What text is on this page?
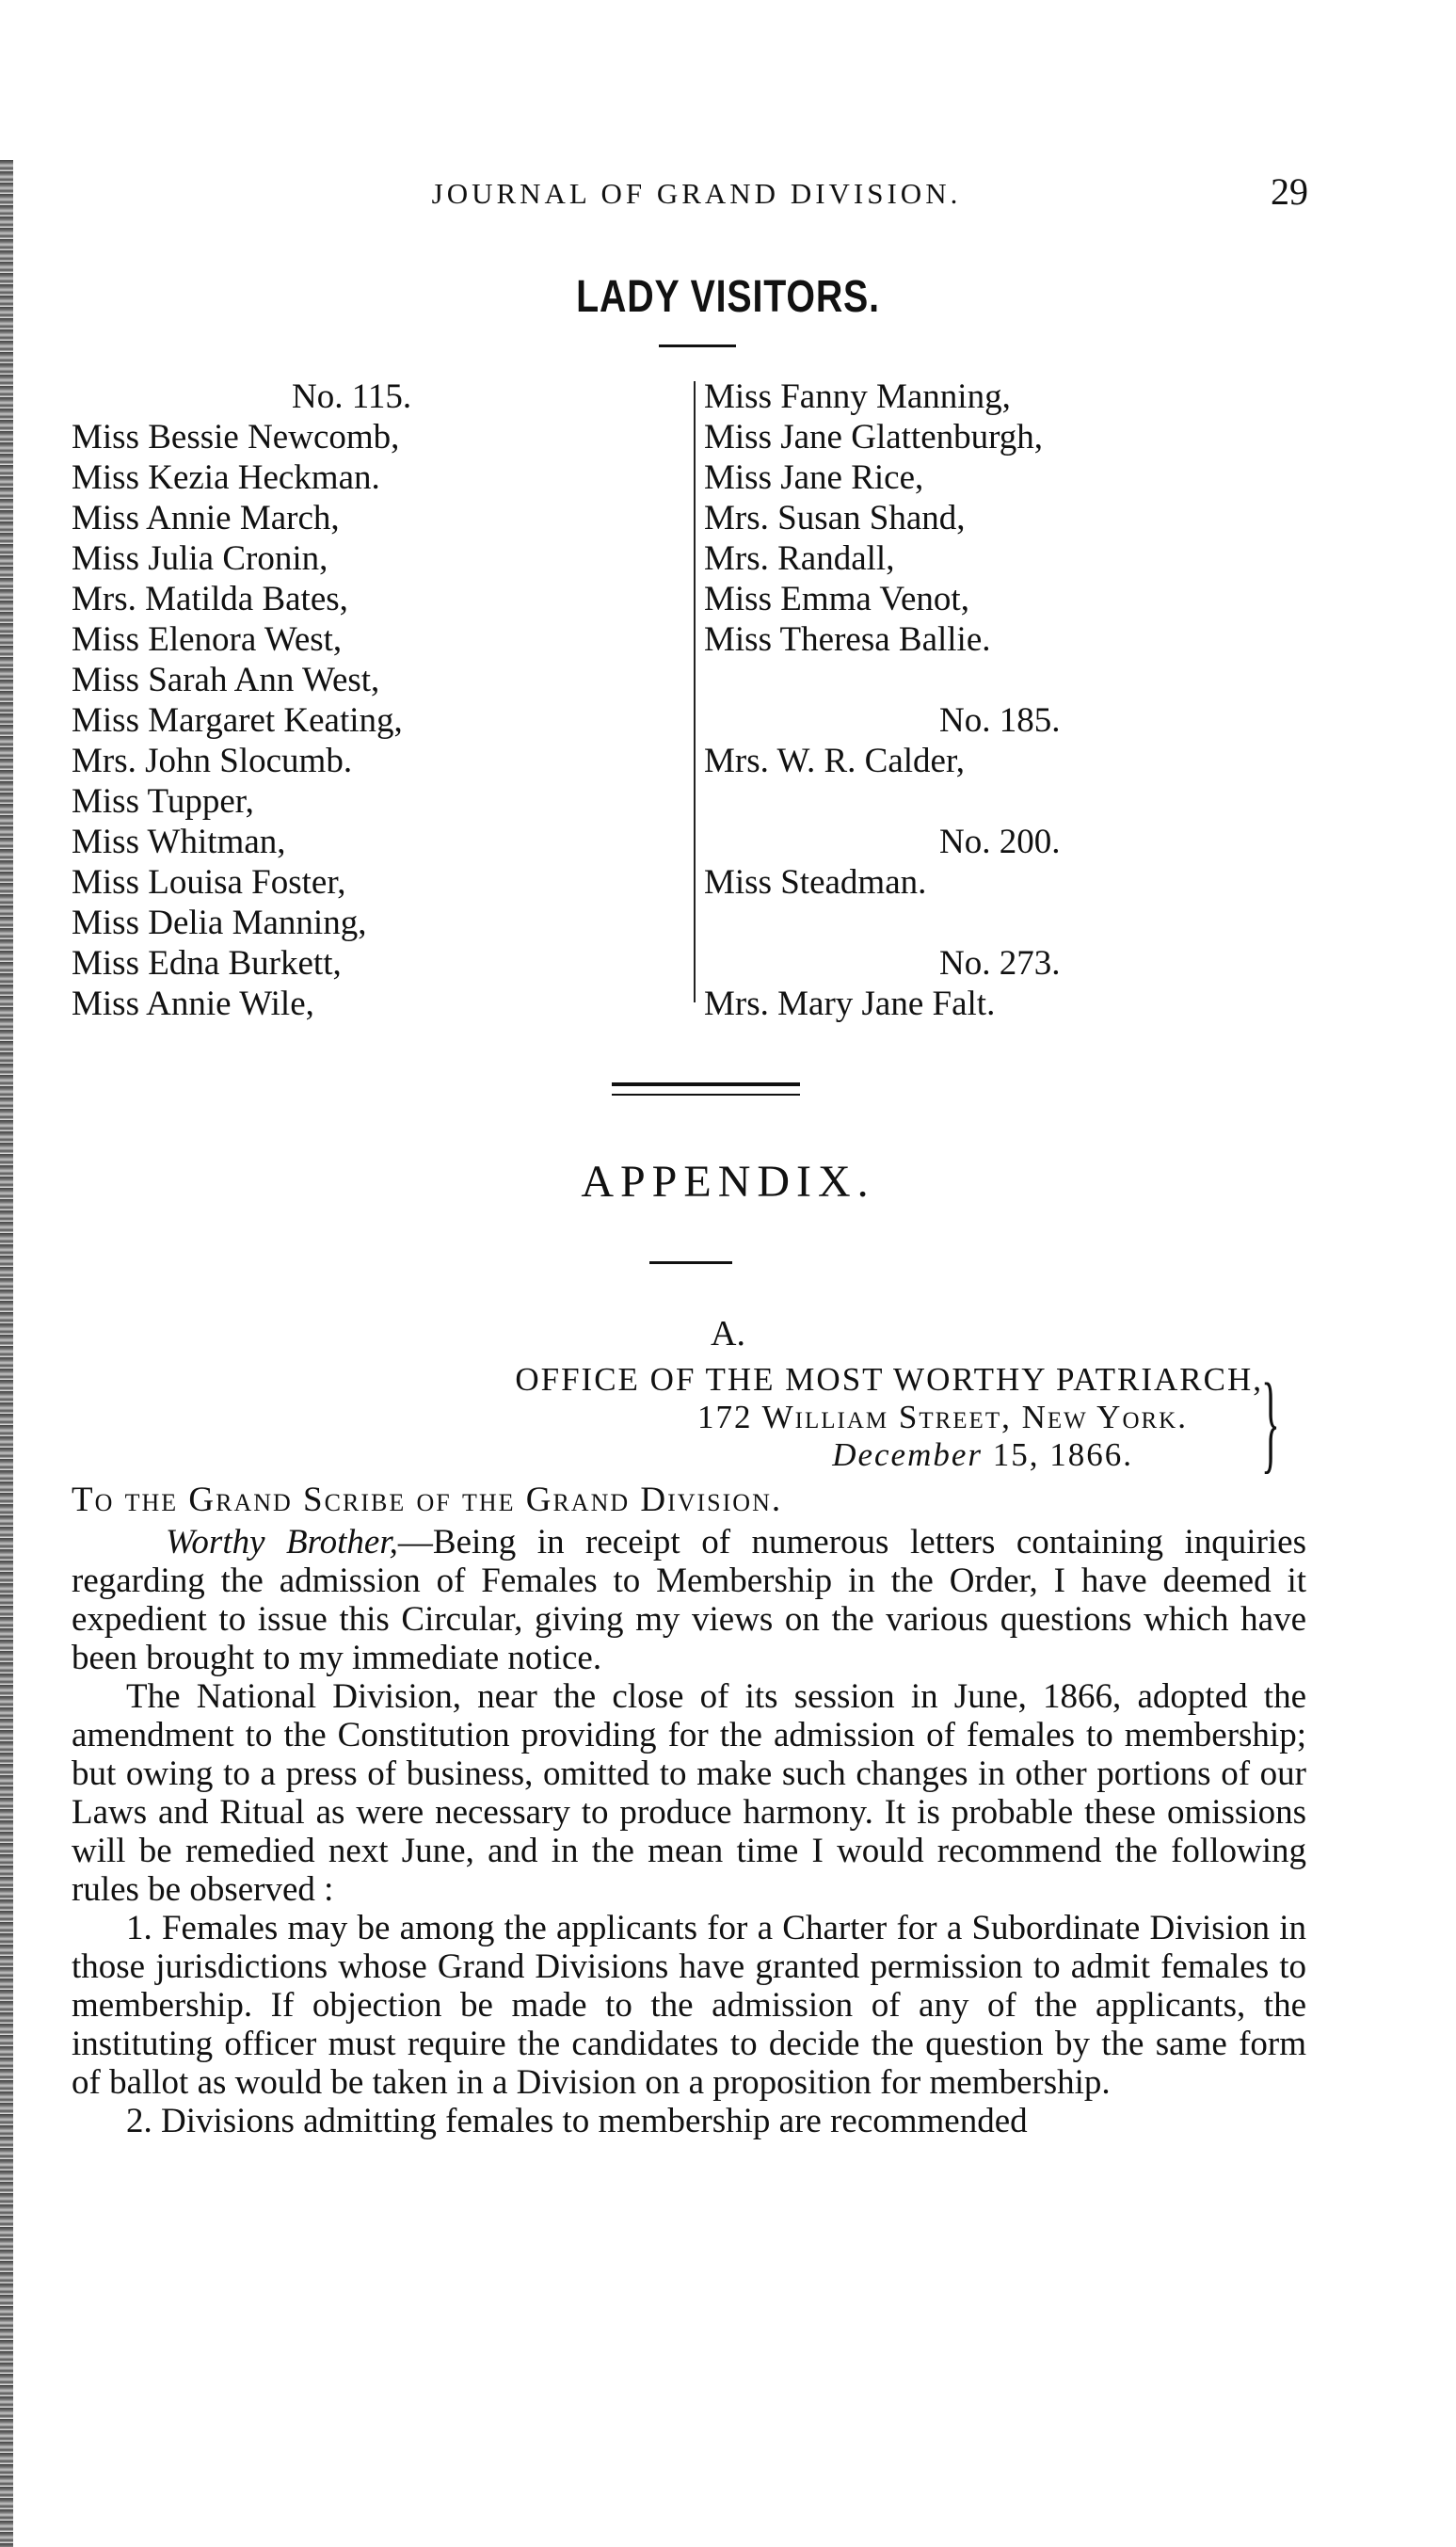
JOURNAL OF GRAND DIVISION.	29
LADY VISITORS.
No. 115.
Miss Bessie Newcomb,
Miss Kezia Heckman.
Miss Annie March,
Miss Julia Cronin,
Mrs. Matilda Bates,
Miss Elenora West,
Miss Sarah Ann West,
Miss Margaret Keating,
Mrs. John Slocumb.
Miss Tupper,
Miss Whitman,
Miss Louisa Foster,
Miss Delia Manning,
Miss Edna Burkett,
Miss Annie Wile,
Miss Fanny Manning,
Miss Jane Glattenburgh,
Miss Jane Rice,
Mrs. Susan Shand,
Mrs. Randall,
Miss Emma Venot,
Miss Theresa Ballie.
No. 185.
Mrs. W. R. Calder,
No. 200.
Miss Steadman.
No. 273.
Mrs. Mary Jane Falt.
APPENDIX.
A.
OFFICE OF THE MOST WORTHY PATRIARCH,
172 William Street, New York.
December 15, 1866.	}
To the Grand Scribe of the Grand Division.

Worthy Brother,—Being in receipt of numerous letters containing inquiries regarding the admission of Females to Membership in the Order, I have deemed it expedient to issue this Circular, giving my views on the various questions which have been brought to my immediate notice.

The National Division, near the close of its session in June, 1866, adopted the amendment to the Constitution providing for the admission of females to membership; but owing to a press of business, omitted to make such changes in other portions of our Laws and Ritual as were necessary to produce harmony. It is probable these omissions will be remedied next June, and in the mean time I would recommend the following rules be observed :

1. Females may be among the applicants for a Charter for a Subordinate Division in those jurisdictions whose Grand Divisions have granted permission to admit females to membership. If objection be made to the admission of any of the applicants, the instituting officer must require the candidates to decide the question by the same form of ballot as would be taken in a Division on a proposition for membership.

2. Divisions admitting females to membership are recommended
